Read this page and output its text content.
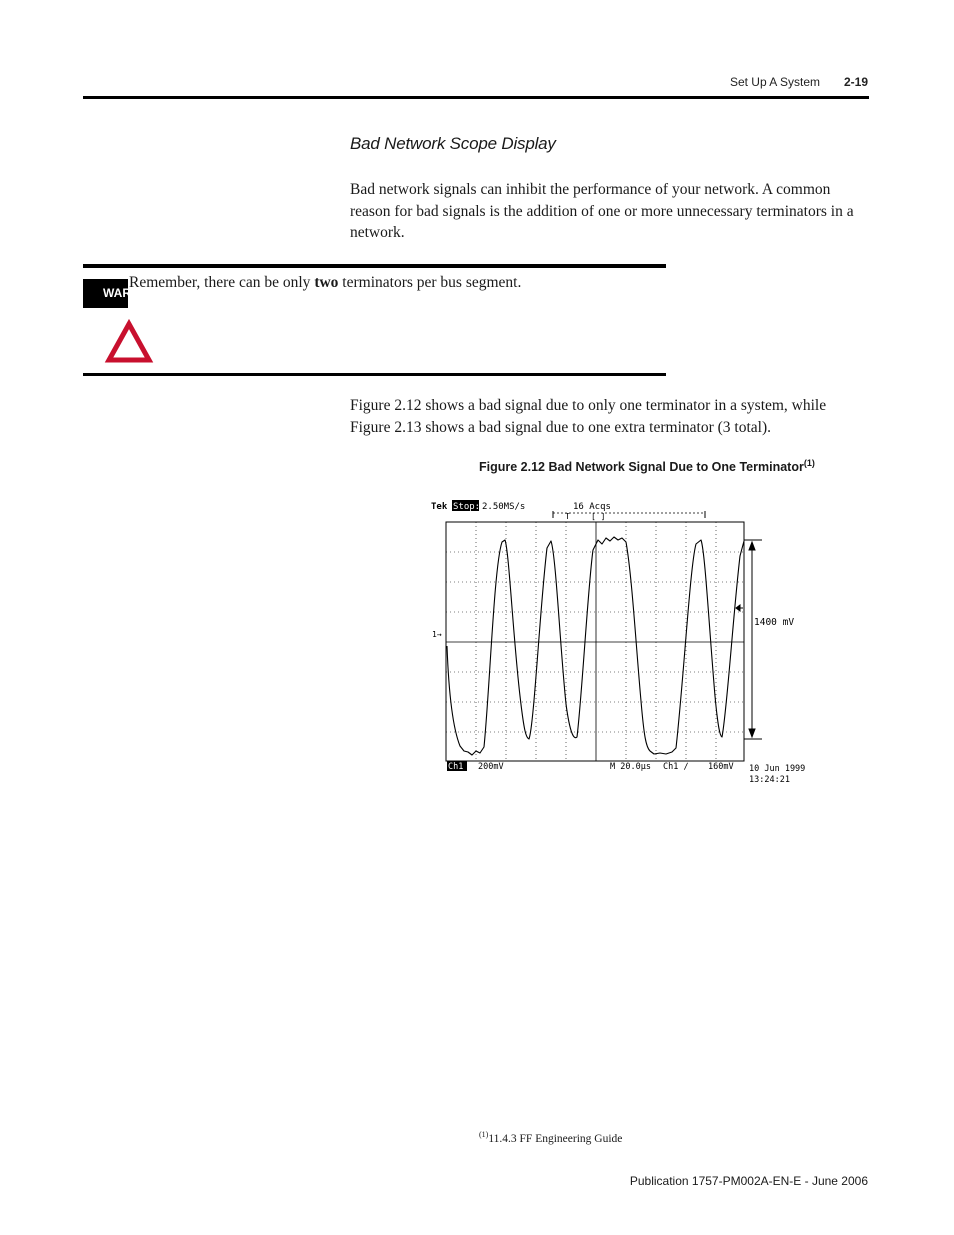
Set Up A System 2-19
Bad Network Scope Display
Bad network signals can inhibit the performance of your network. A common reason for bad signals is the addition of one or more unnecessary terminators in a network.
WARNING
Remember, there can be only two terminators per bus segment.
Figure 2.12 shows a bad signal due to only one terminator in a system, while Figure 2.13 shows a bad signal due to one extra terminator (3 total).
Figure 2.12 Bad Network Signal Due to One Terminator$^{(1)}$
Tek Stop: 2.50MS/s	16 Acqs
T	[ ]
1→
1400 mV
Ch1 200mV	M 20.0µs Ch1 ∕ 160mV 10 Jun 1999
13:24:21
$^{(1)}$11.4.3 FF Engineering Guide
Publication 1757-PM002A-EN-E - June 2006
